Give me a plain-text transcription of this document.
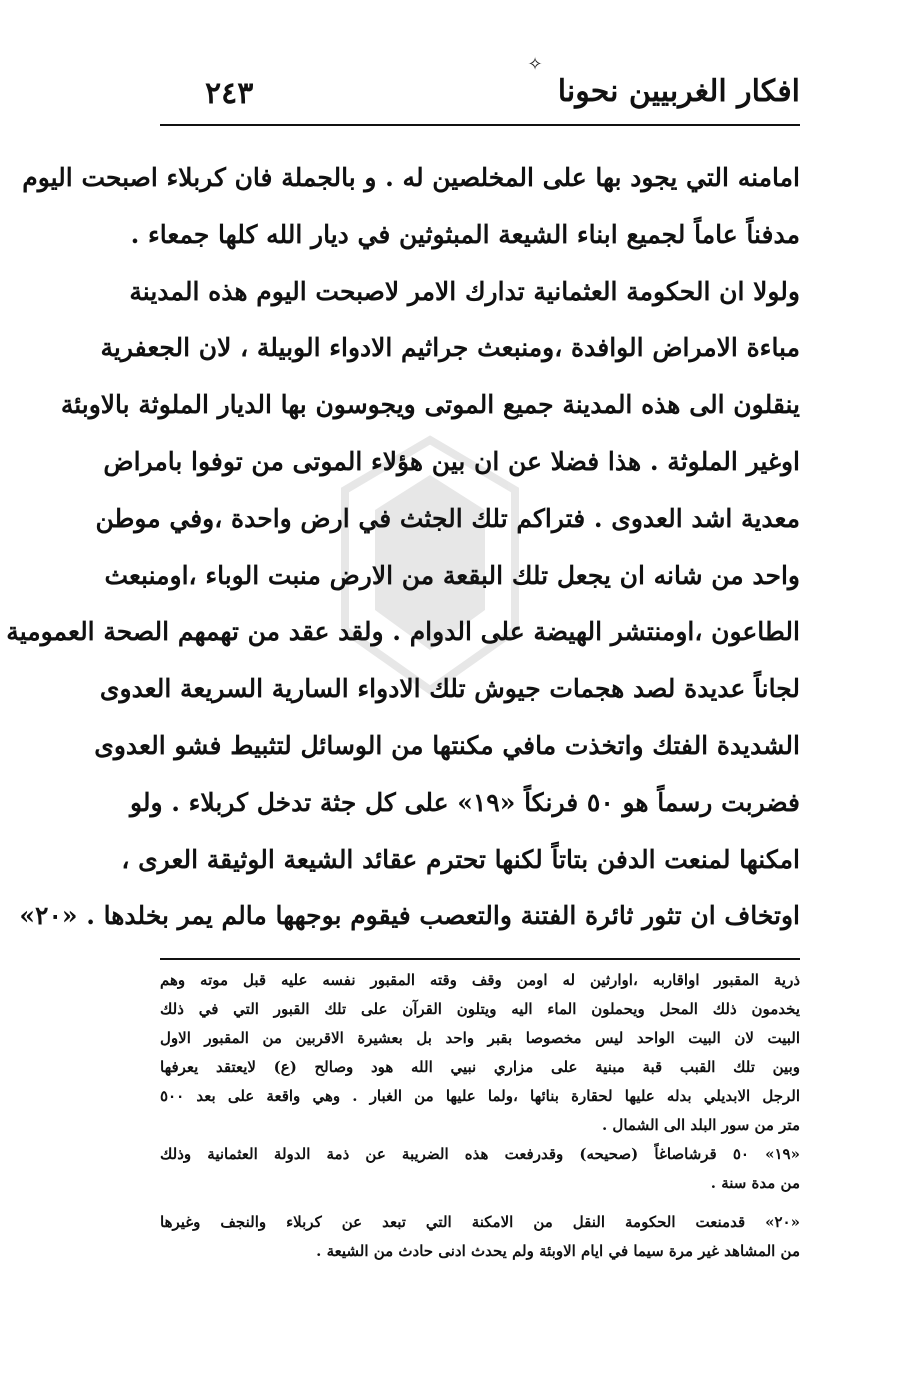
✧
افكار الغربيين نحونا
٢٤٣
امامنه التي يجود بها على المخلصين له . و بالجملة فان كربلاء اصبحت اليوم
مدفناً عاماً لجميع ابناء الشيعة المبثوثين في ديار الله كلها جمعاء .
ولولا ان الحكومة العثمانية تدارك الامر لاصبحت اليوم هذه المدينة
مباءة الامراض الوافدة ،ومنبعث جراثيم الادواء الوبيلة ، لان الجعفرية
ينقلون الى هذه المدينة جميع الموتى ويجوسون بها الديار الملوثة بالاوبئة
اوغير الملوثة . هذا فضلا عن ان بين هؤلاء الموتى من توفوا بامراض
معدية اشد العدوى . فتراكم تلك الجثث في ارض واحدة ،وفي موطن
واحد من شانه ان يجعل تلك البقعة من الارض منبت الوباء ،اومنبعث
الطاعون ،اومنتشر الهيضة على الدوام . ولقد عقد من تهمهم الصحة العمومية
لجاناً عديدة لصد هجمات جيوش تلك الادواء السارية السريعة العدوى
الشديدة الفتك واتخذت مافي مكنتها من الوسائل لتثبيط فشو العدوى
فضربت رسماً هو ٥٠ فرنكاً «١٩» على كل جثة تدخل كربلاء . ولو
امكنها لمنعت الدفن بتاتاً لكنها تحترم عقائد الشيعة الوثيقة العرى ،
اوتخاف ان تثور ثائرة الفتنة والتعصب فيقوم بوجهها مالم يمر بخلدها . «٢٠»
ذرية المقبور اواقاربه ،اوارثين له اومن وقف وقته المقبور نفسه عليه قبل موته وهم
يخدمون ذلك المحل ويحملون الماء اليه ويتلون القرآن على تلك القبور التي في ذلك
البيت لان البيت الواحد ليس مخصوصا بقبر واحد بل بعشيرة الاقربين من المقبور الاول
وبين تلك القبب قبة مبنية على مزاري نبيي الله هود وصالح (ع) لايعتقد يعرفها
الرجل الابديلي بدله عليها لحقارة بنائها ،ولما عليها من الغبار . وهي واقعة على بعد ٥٠٠
متر من سور البلد الى الشمال .
«١٩» ٥٠ قرشاصاغاً (صحيحه) وقدرفعت هذه الضريبة عن ذمة الدولة العثمانية وذلك
من مدة سنة .
«٢٠» قدمنعت الحكومة النقل من الامكنة التي تبعد عن كربلاء والنجف وغيرها
من المشاهد غير مرة سيما في ايام الاوبئة ولم يحدث ادنى حادث من الشيعة .
